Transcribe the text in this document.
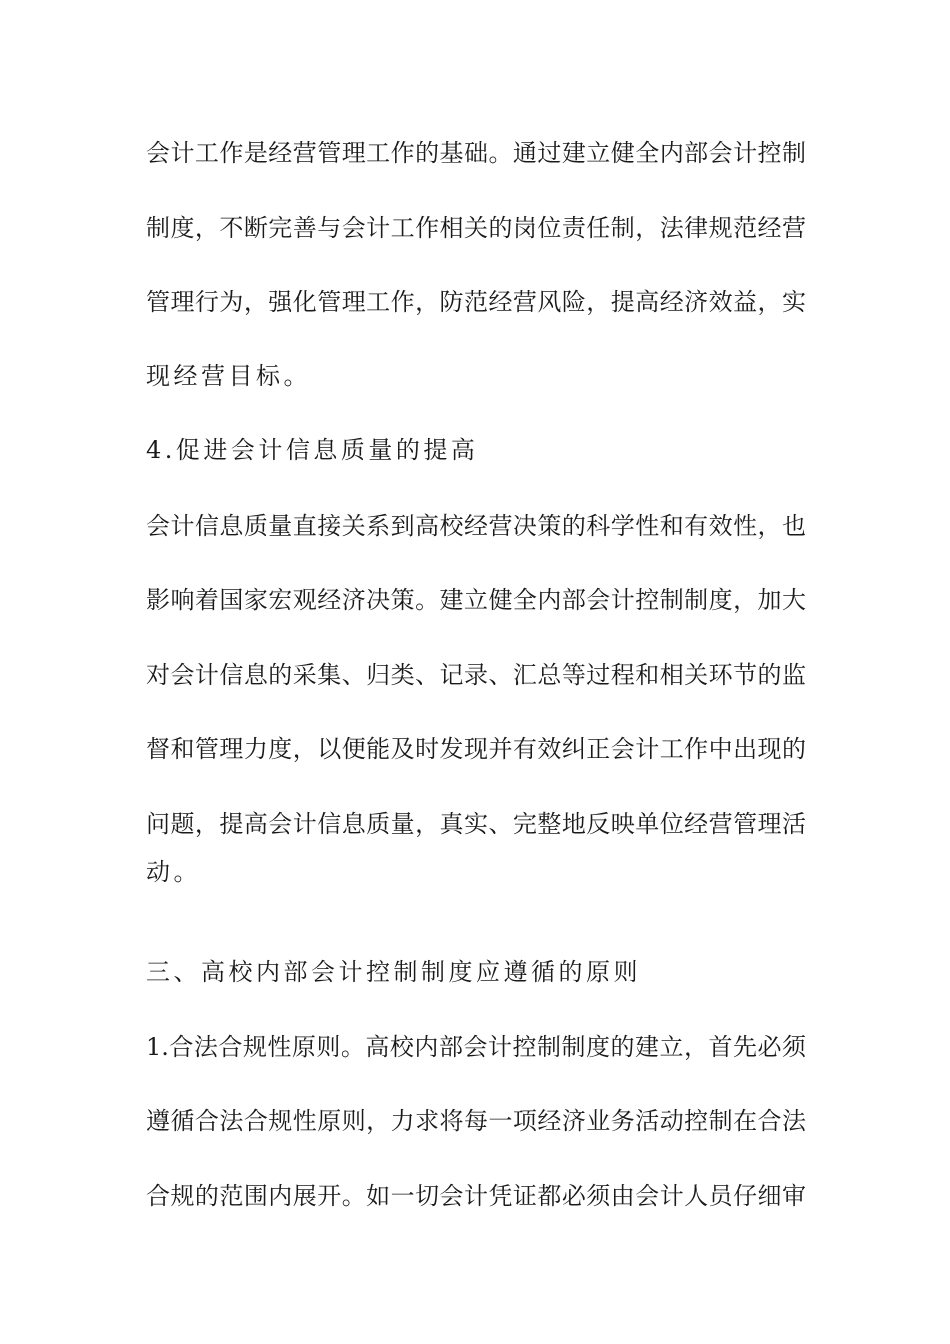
会计工作是经营管理工作的基础。通过建立健全内部会计控制
制度，不断完善与会计工作相关的岗位责任制，法律规范经营
管理行为，强化管理工作，防范经营风险，提高经济效益，实
现经营目标。
4.促进会计信息质量的提高
会计信息质量直接关系到高校经营决策的科学性和有效性，也
影响着国家宏观经济决策。建立健全内部会计控制制度，加大
对会计信息的采集、归类、记录、汇总等过程和相关环节的监
督和管理力度，以便能及时发现并有效纠正会计工作中出现的
问题，提高会计信息质量，真实、完整地反映单位经营管理活
动。
三、高校内部会计控制制度应遵循的原则
1.合法合规性原则。高校内部会计控制制度的建立，首先必须
遵循合法合规性原则，力求将每一项经济业务活动控制在合法
合规的范围内展开。如一切会计凭证都必须由会计人员仔细审
